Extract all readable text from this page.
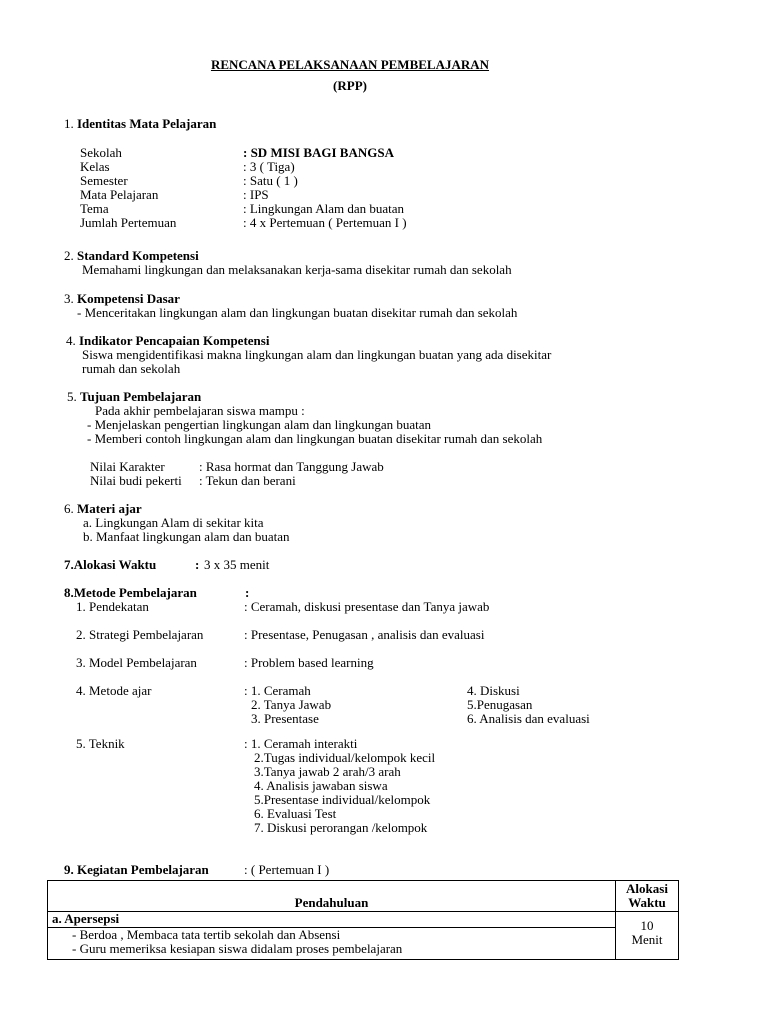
RENCANA PELAKSANAAN PEMBELAJARAN
(RPP)
1. Identitas Mata Pelajaran
Sekolah	: SD MISI BAGI BANGSA
Kelas	: 3 ( Tiga)
Semester	: Satu ( 1 )
Mata Pelajaran	: IPS
Tema	: Lingkungan Alam dan buatan
Jumlah Pertemuan	: 4 x Pertemuan ( Pertemuan I )
2. Standard Kompetensi
Memahami lingkungan dan melaksanakan kerja-sama disekitar rumah dan sekolah
3. Kompetensi Dasar
- Menceritakan lingkungan alam dan lingkungan buatan disekitar rumah dan sekolah
4. Indikator Pencapaian Kompetensi
Siswa mengidentifikasi makna lingkungan alam dan lingkungan buatan yang ada disekitar
rumah dan sekolah
5. Tujuan Pembelajaran
Pada akhir pembelajaran siswa mampu :
- Menjelaskan pengertian lingkungan alam dan lingkungan buatan
- Memberi contoh lingkungan alam dan lingkungan buatan disekitar rumah dan sekolah
Nilai Karakter	: Rasa hormat dan Tanggung Jawab
Nilai budi pekerti : Tekun dan berani
6. Materi ajar
a. Lingkungan Alam di sekitar kita
b. Manfaat lingkungan alam dan buatan
7.Alokasi Waktu	: 3 x 35 menit
8.Metode Pembelajaran	:
1. Pendekatan	: Ceramah, diskusi presentase dan Tanya jawab
2. Strategi Pembelajaran	: Presentase, Penugasan , analisis dan evaluasi
3. Model Pembelajaran	: Problem based learning
4. Metode ajar	: 1. Ceramah
2. Tanya Jawab
3. Presentase
4. Diskusi
5.Penugasan
6. Analisis dan evaluasi
5. Teknik	: 1. Ceramah interakti
2.Tugas individual/kelompok kecil
3.Tanya jawab 2 arah/3 arah
4. Analisis jawaban siswa
5.Presentase individual/kelompok
6. Evaluasi Test
7. Diskusi perorangan /kelompok
9. Kegiatan Pembelajaran	: ( Pertemuan I )
Pendahuluan	Alokasi
Waktu

a. Apersepsi	10
Menit

- Berdoa , Membaca tata tertib sekolah dan Absensi
- Guru memeriksa kesiapan siswa didalam proses pembelajaran	
